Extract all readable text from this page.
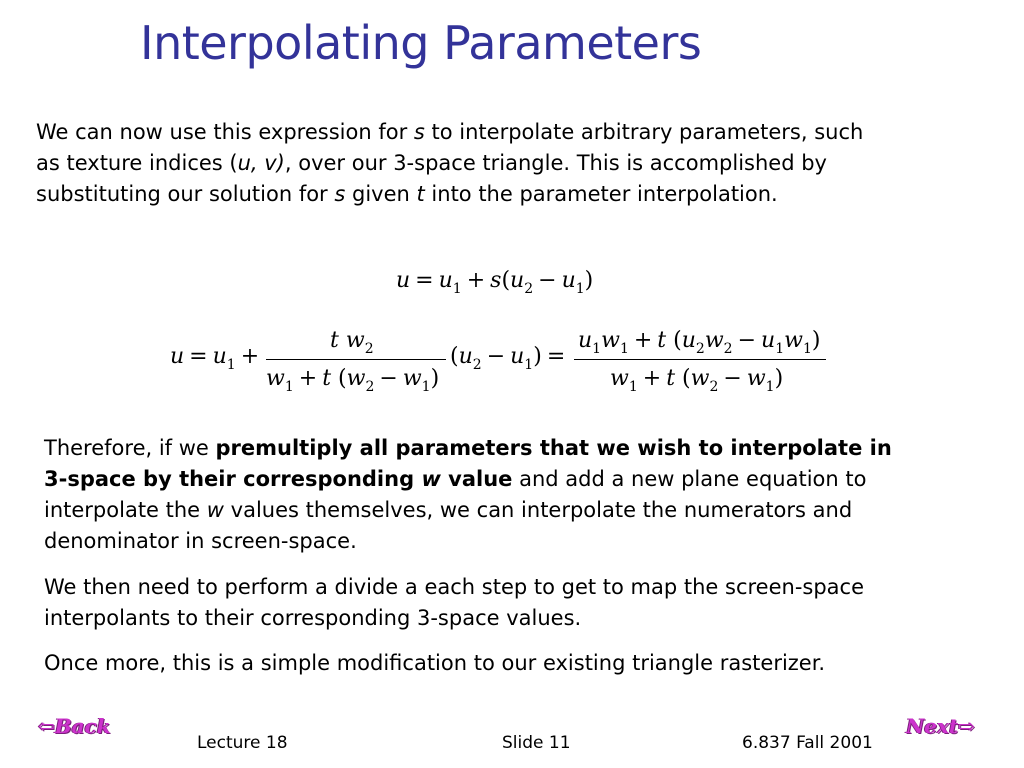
Interpolating Parameters
We can now use this expression for s to interpolate arbitrary parameters, such
as texture indices (u, v), over our 3-space triangle. This is accomplished by
substituting our solution for s given t into the parameter interpolation.
$u = u_1 + s(u_2 - u_1)$
$u = u_1$ +
t $w_2$
$w_1 + t$ $(w_2 - w_1)$
$(u_2 - u_1)$ =
$u_1w_1 + t$ $(u_2w_2 - u_1w_1)$
$w_1 + t$ $(w_2 - w_1)$
Therefore, if we premultiply all parameters that we wish to interpolate in
3-space by their corresponding w value and add a new plane equation to
interpolate the w values themselves, we can interpolate the numerators and
denominator in screen-space.
We then need to perform a divide a each step to get to map the screen-space
interpolants to their corresponding 3-space values.
Once more, this is a simple modification to our existing triangle rasterizer.
⇦Back	Next⇨
Lecture 18	Slide 11	6.837 Fall 2001
